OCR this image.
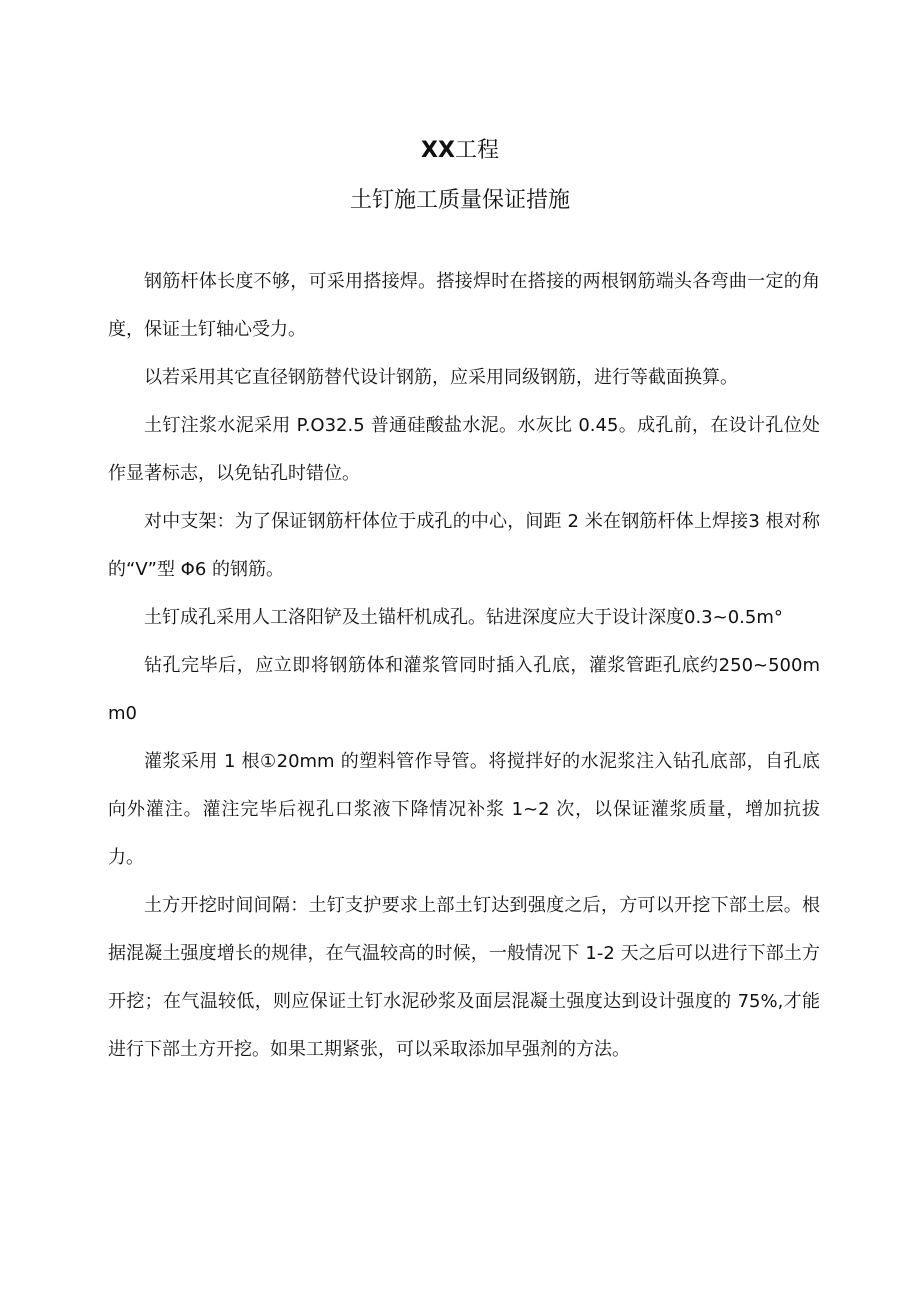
XX工程
土钉施工质量保证措施

钢筋杆体长度不够，可采用搭接焊。搭接焊时在搭接的两根钢筋端头各弯曲一定的角度，保证土钉轴心受力。

以若采用其它直径钢筋替代设计钢筋，应采用同级钢筋，进行等截面换算。

土钉注浆水泥采用 P.O32.5 普通硅酸盐水泥。水灰比 0.45。成孔前，在设计孔位处作显著标志，以免钻孔时错位。

对中支架：为了保证钢筋杆体位于成孔的中心，间距 2 米在钢筋杆体上焊接3 根对称的“V”型 Φ6 的钢筋。

土钉成孔采用人工洛阳铲及土锚杆机成孔。钻进深度应大于设计深度0.3~0.5m°

钻孔完毕后，应立即将钢筋体和灌浆管同时插入孔底，灌浆管距孔底约250~500mm0

灌浆采用 1 根①20mm 的塑料管作导管。将搅拌好的水泥浆注入钻孔底部，自孔底向外灌注。灌注完毕后视孔口浆液下降情况补浆 1~2 次，以保证灌浆质量，增加抗拔力。

土方开挖时间间隔：土钉支护要求上部土钉达到强度之后，方可以开挖下部土层。根据混凝土强度增长的规律，在气温较高的时候，一般情况下 1-2 天之后可以进行下部土方开挖；在气温较低，则应保证土钉水泥砂浆及面层混凝土强度达到设计强度的 75%,才能进行下部土方开挖。如果工期紧张，可以采取添加早强剂的方法。
